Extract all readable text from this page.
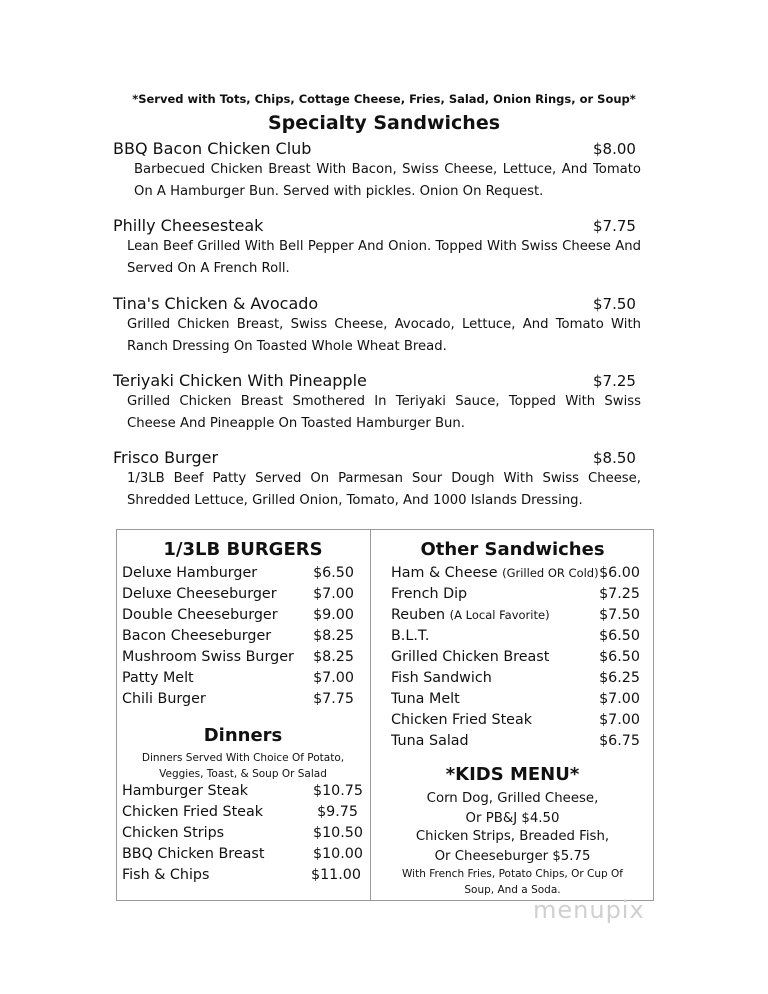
*Served with Tots, Chips, Cottage Cheese, Fries, Salad, Onion Rings, or Soup*
Specialty Sandwiches
BBQ Bacon Chicken Club	$8.00
Barbecued Chicken Breast With Bacon, Swiss Cheese, Lettuce, And Tomato On A Hamburger Bun. Served with pickles. Onion On Request.
Philly Cheesesteak	$7.75
Lean Beef Grilled With Bell Pepper And Onion. Topped With Swiss Cheese And Served On A French Roll.
Tina's Chicken & Avocado	$7.50
Grilled Chicken Breast, Swiss Cheese, Avocado, Lettuce, And Tomato With Ranch Dressing On Toasted Whole Wheat Bread.
Teriyaki Chicken With Pineapple	$7.25
Grilled Chicken Breast Smothered In Teriyaki Sauce, Topped With Swiss Cheese And Pineapple On Toasted Hamburger Bun.
Frisco Burger	$8.50
1/3LB Beef Patty Served On Parmesan Sour Dough With Swiss Cheese, Shredded Lettuce, Grilled Onion, Tomato, And 1000 Islands Dressing.
1/3LB BURGERS
Deluxe Hamburger	$6.50
Deluxe Cheeseburger	$7.00
Double Cheeseburger $9.00
Bacon Cheeseburger	$8.25
Mushroom Swiss Burger $8.25
Patty Melt	$7.00
Chili Burger	$7.75
Dinners
Dinners Served With Choice Of Potato,
Veggies, Toast, & Soup Or Salad
Hamburger Steak	$10.75
Chicken Fried Steak	$9.75
Chicken Strips	$10.50
BBQ Chicken Breast	$10.00
Fish & Chips	$11.00
Other Sandwiches
Ham & Cheese (Grilled OR Cold) $6.00
French Dip	$7.25
Reuben (A Local Favorite)	$7.50
B.L.T.	$6.50
Grilled Chicken Breast	$6.50
Fish Sandwich	$6.25
Tuna Melt	$7.00
Chicken Fried Steak	$7.00
Tuna Salad	$6.75
*KIDS MENU*
Corn Dog, Grilled Cheese,
Or PB&J $4.50
Chicken Strips, Breaded Fish,
Or Cheeseburger $5.75
With French Fries, Potato Chips, Or Cup Of
Soup, And a Soda.
menupix
